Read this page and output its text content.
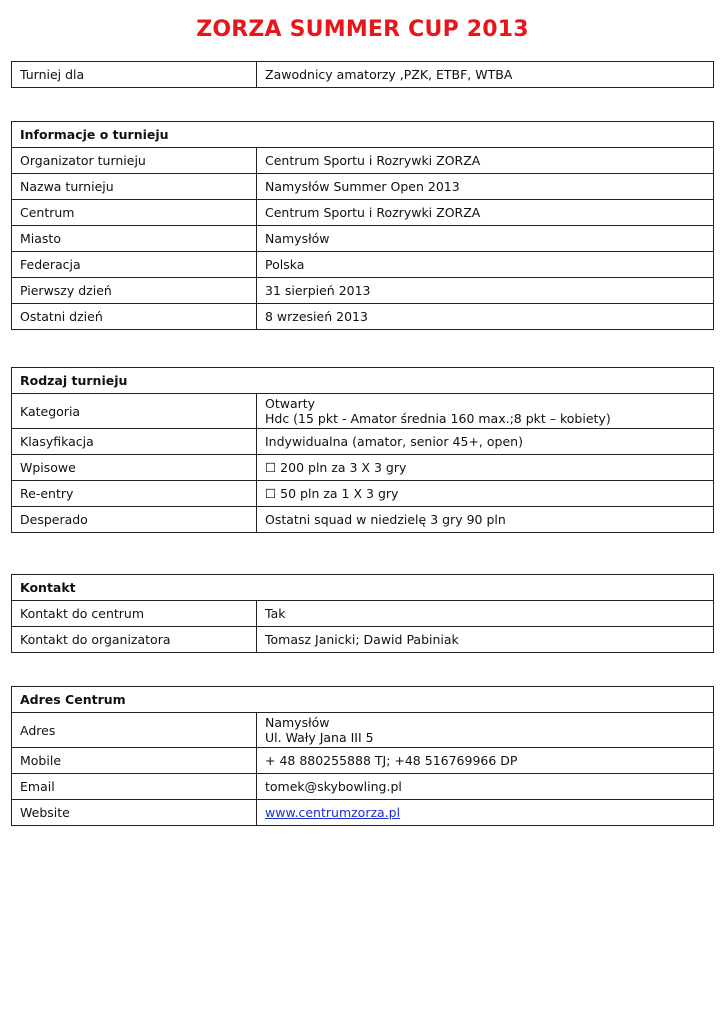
ZORZA SUMMER CUP 2013
Turniej dla	Zawodnicy amatorzy ,PZK, ETBF, WTBA
Informacje o turnieju	
Organizator turnieju	Centrum Sportu i Rozrywki ZORZA
Nazwa turnieju	Namysłów Summer Open 2013
Centrum	Centrum Sportu i Rozrywki ZORZA
Miasto	Namysłów
Federacja	Polska
Pierwszy dzień	31 sierpień 2013
Ostatni dzień	8 wrzesień 2013
Rodzaj turnieju	
Kategoria	Otwarty
Hdc (15 pkt - Amator średnia 160 max.;8 pkt – kobiety)

Klasyfikacja	Indywidualna (amator, senior 45+, open)
Wpisowe	☐ 200 pln za 3 X 3 gry
Re-entry	☐ 50 pln za 1 X 3 gry
Desperado	Ostatni squad w niedzielę 3 gry 90 pln
Kontakt	
Kontakt do centrum	Tak
Kontakt do organizatora	Tomasz Janicki; Dawid Pabiniak
Adres Centrum	
Adres	Namysłów
Ul. Wały Jana III 5

Mobile	+ 48 880255888 TJ; +48 516769966 DP
Email	tomek@skybowling.pl
Website	www.centrumzorza.pl
